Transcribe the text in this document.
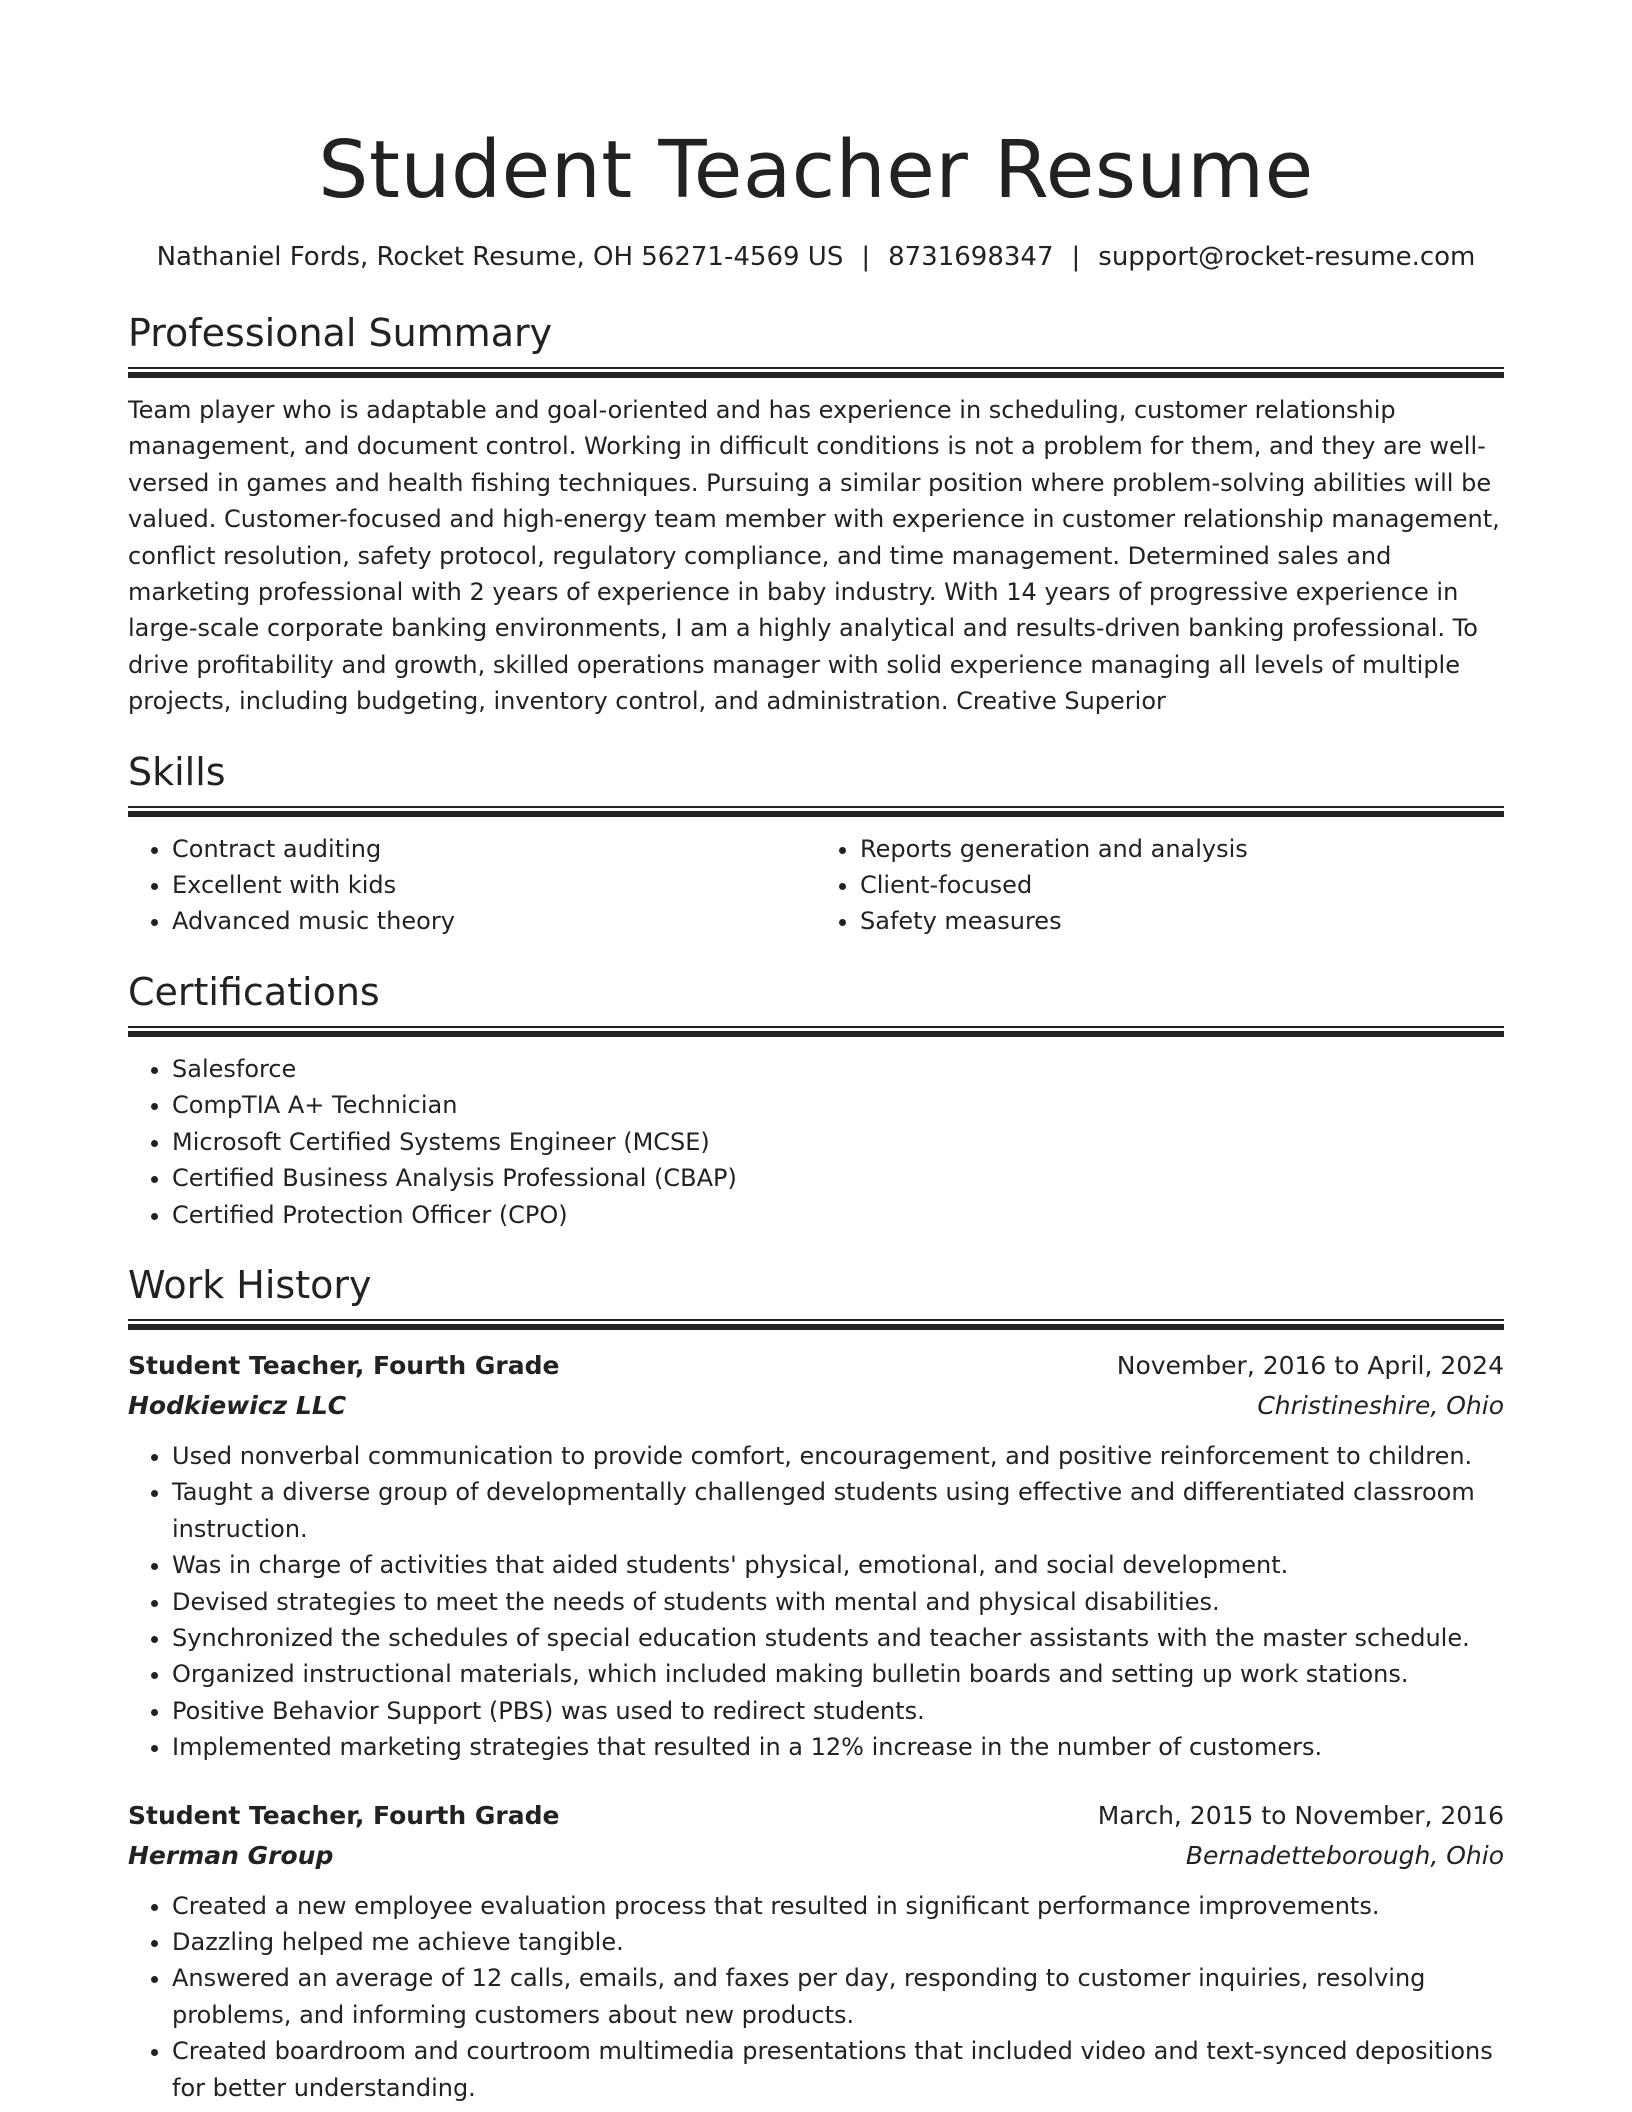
Student Teacher Resume
Nathaniel Fords, Rocket Resume, OH 56271-4569 US | 8731698347 | support@rocket-resume.com
Professional Summary

Team player who is adaptable and goal-oriented and has experience in scheduling, customer relationship management, and document control. Working in difficult conditions is not a problem for them, and they are well-versed in games and health fishing techniques. Pursuing a similar position where problem-solving abilities will be valued. Customer-focused and high-energy team member with experience in customer relationship management, conflict resolution, safety protocol, regulatory compliance, and time management. Determined sales and marketing professional with 2 years of experience in baby industry. With 14 years of progressive experience in large-scale corporate banking environments, I am a highly analytical and results-driven banking professional. To drive profitability and growth, skilled operations manager with solid experience managing all levels of multiple projects, including budgeting, inventory control, and administration. Creative Superior

Skills
• Contract auditing
• Excellent with kids
• Advanced music theory
• Reports generation and analysis
• Client-focused
• Safety measures
Certifications
• Salesforce
• CompTIA A+ Technician
• Microsoft Certified Systems Engineer (MCSE)
• Certified Business Analysis Professional (CBAP)
• Certified Protection Officer (CPO)
Work History
Student Teacher, Fourth Grade	November, 2016 to April, 2024
Hodkiewicz LLC	Christineshire, Ohio
• Used nonverbal communication to provide comfort, encouragement, and positive reinforcement to children.
• Taught a diverse group of developmentally challenged students using effective and differentiated classroom instruction.
• Was in charge of activities that aided students' physical, emotional, and social development.
• Devised strategies to meet the needs of students with mental and physical disabilities.
• Synchronized the schedules of special education students and teacher assistants with the master schedule.
• Organized instructional materials, which included making bulletin boards and setting up work stations.
• Positive Behavior Support (PBS) was used to redirect students.
• Implemented marketing strategies that resulted in a 12% increase in the number of customers.
Student Teacher, Fourth Grade	March, 2015 to November, 2016
Herman Group	Bernadetteborough, Ohio
• Created a new employee evaluation process that resulted in significant performance improvements.
• Dazzling helped me achieve tangible.
• Answered an average of 12 calls, emails, and faxes per day, responding to customer inquiries, resolving problems, and informing customers about new products.
• Created boardroom and courtroom multimedia presentations that included video and text-synced depositions for better understanding.
